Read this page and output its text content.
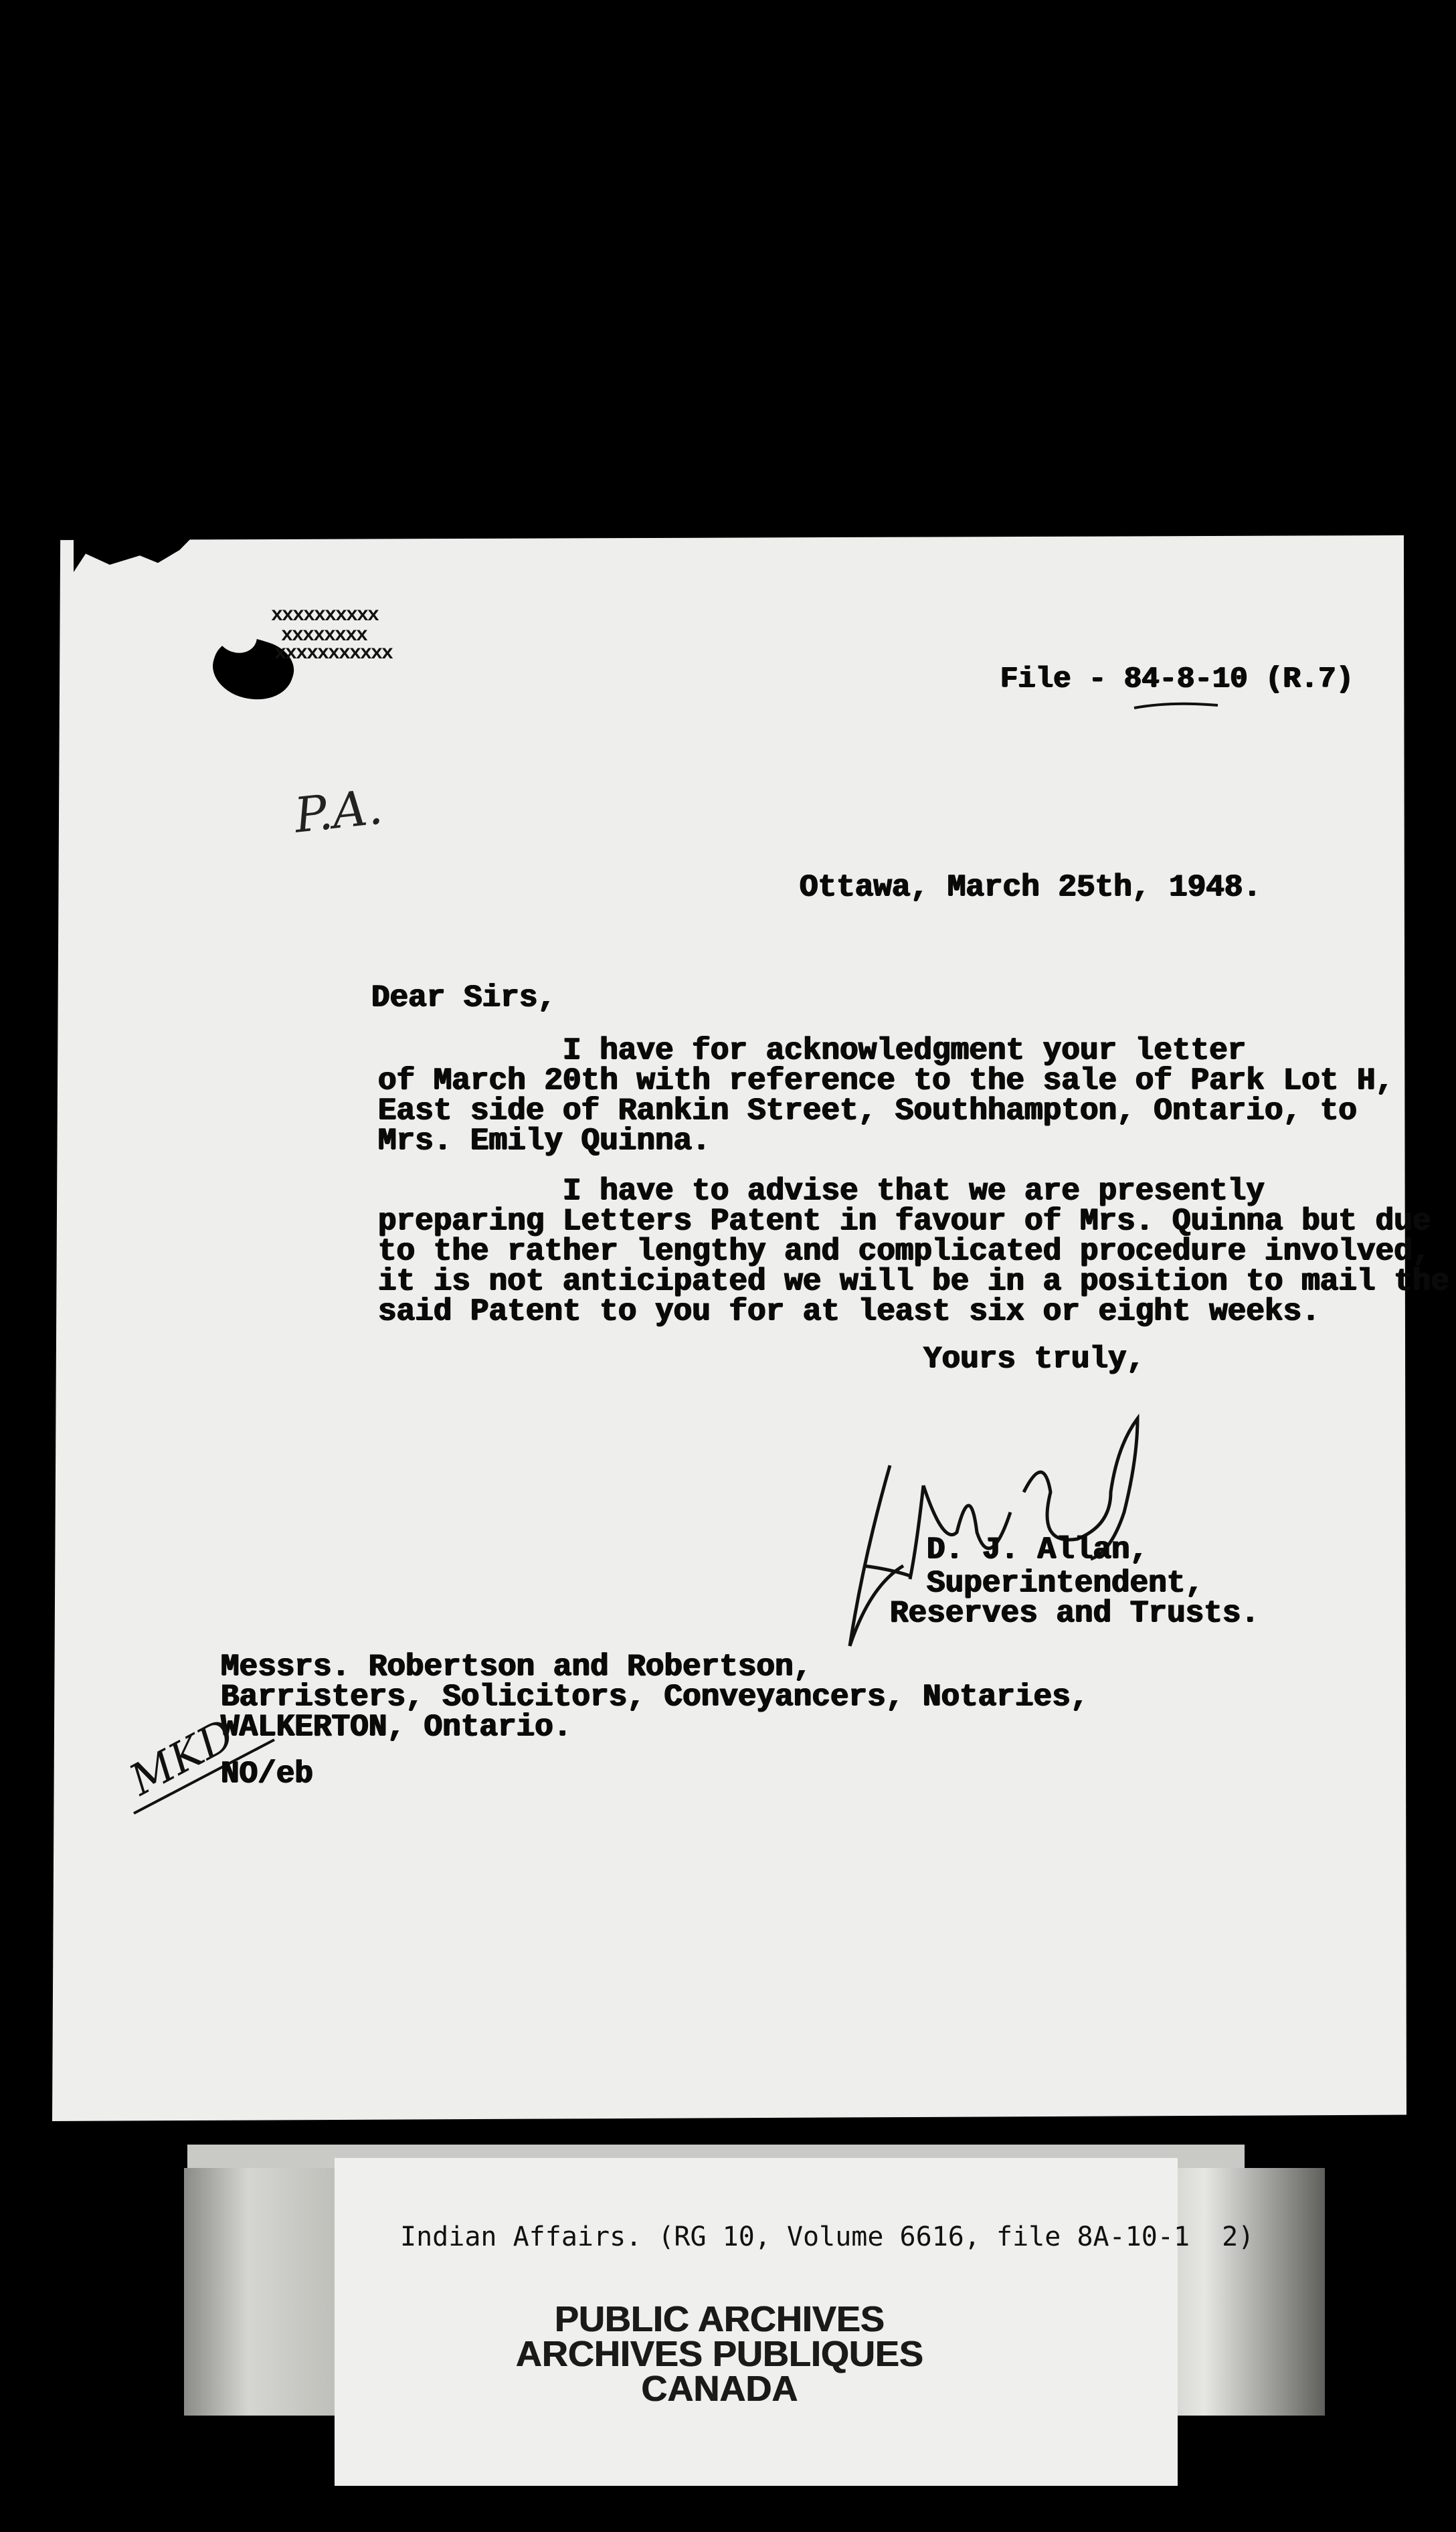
xxxxxxxxxx
xxxxxxxx
xxxxxxxxxxx
File - 84-8-10 (R.7)
P.A.
Ottawa, March 25th, 1948.
Dear Sirs,
I have for acknowledgment your letter
of March 20th with reference to the sale of Park Lot H,
East side of Rankin Street, Southhampton, Ontario, to
Mrs. Emily Quinna.
I have to advise that we are presently
preparing Letters Patent in favour of Mrs. Quinna but due
to the rather lengthy and complicated procedure involved,
it is not anticipated we will be in a position to mail the
said Patent to you for at least six or eight weeks.
Yours truly,
D. J. Allan,
Superintendent,
Reserves and Trusts.
Messrs. Robertson and Robertson,
Barristers, Solicitors, Conveyancers, Notaries,
WALKERTON, Ontario.
MKD
NO/eb
Indian Affairs. (RG 10, Volume 6616, file 8A-10-1  2)
PUBLIC ARCHIVES
ARCHIVES PUBLIQUES
CANADA
